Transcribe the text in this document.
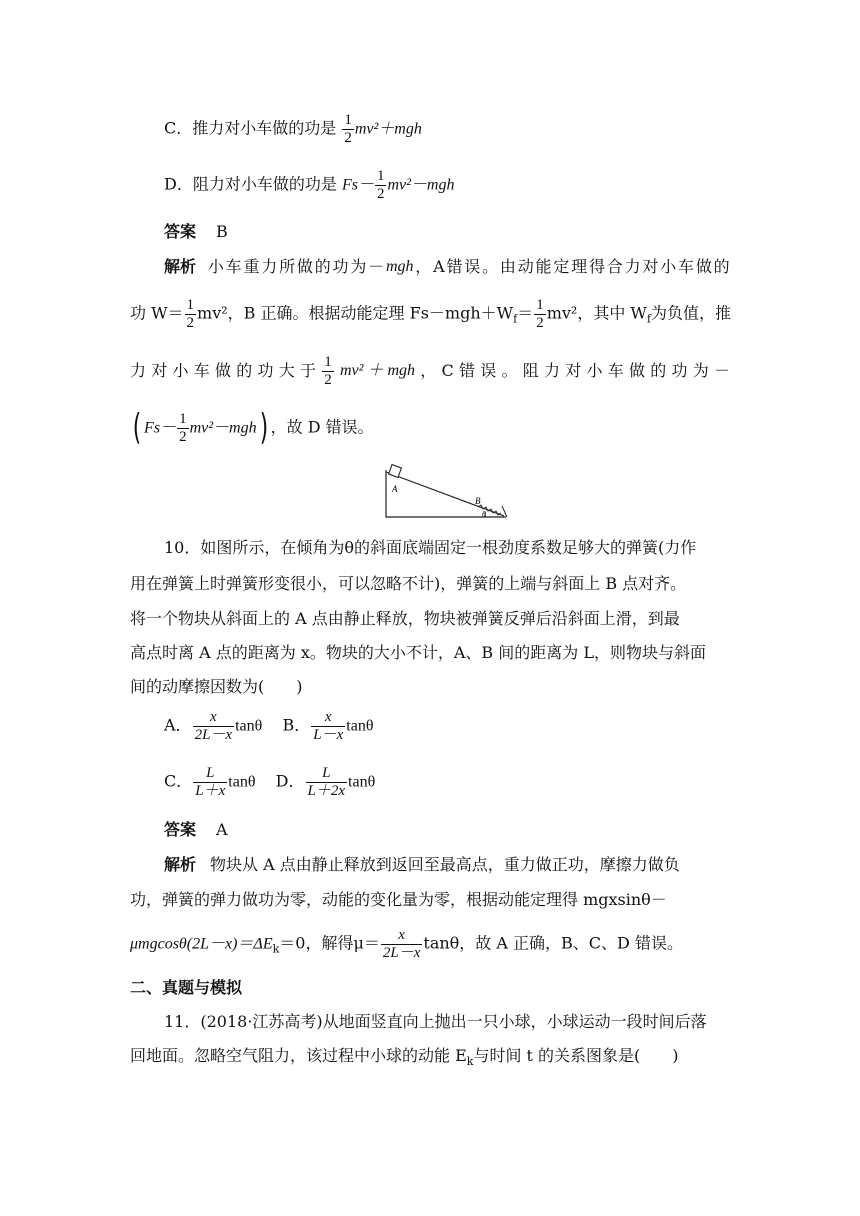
C．推力对小车做的功是 $\frac{1}{2} mv^2+mgh$
D．阻力对小车做的功是 $Fs- \frac{1}{2} mv^2-mgh$
答案 B
解析 小 车 重 力 所 做 的 功 为 － mgh ， A 错 误 。 由 动 能 定 理 得 合 力 对 小 车 做 的
功 $W= \frac{1}{2} mv^2$，B 正确。根据动能定理 $Fs-mgh+W_f= \frac{1}{2} mv^2$，其中 $W_f$为负值，推
力 对 小 车 做 的 功 大 于 $\frac{1}{2} mv^2$ ＋ mgh ， C 错 误 。 阻 力 对 小 车 做 的 功 为 －
( $Fs- \frac{1}{2} mv^2-mgh$) ，故 D 错误。
A
B
θ
10．如图所示，在倾角为θ的斜面底端固定一根劲度系数足够大的弹簧(力作
用在弹簧上时弹簧形变很小，可以忽略不计)，弹簧的上端与斜面上 B 点对齐。
将一个物块从斜面上的 A 点由静止释放，物块被弹簧反弹后沿斜面上滑，到最
高点时离 A 点的距离为 x。物块的大小不计，A、B 间的距离为 L，则物块与斜面
间的动摩擦因数为(　　)
A． $\frac{x}{2L-x}$ tanθ B． $\frac{x}{L-x}$ tanθ
C． $\frac{L}{L+x}$ tanθ D． $\frac{L}{L+2x}$ tanθ
答案 A
解析 物块从 A 点由静止释放到返回至最高点，重力做正功，摩擦力做负
功，弹簧的弹力做功为零，动能的变化量为零，根据动能定理得 mgxsinθ－
$\mu mgcos\theta(2L-x)=\Delta E_k=0$，解得$\mu= \frac{x}{2L-x}$ tanθ，故 A 正确，B、C、D 错误。
二、真题与模拟
11．(2018·江苏高考)从地面竖直向上抛出一只小球，小球运动一段时间后落
回地面。忽略空气阻力，该过程中小球的动能 $E_k$与时间 t 的关系图象是(　　)
